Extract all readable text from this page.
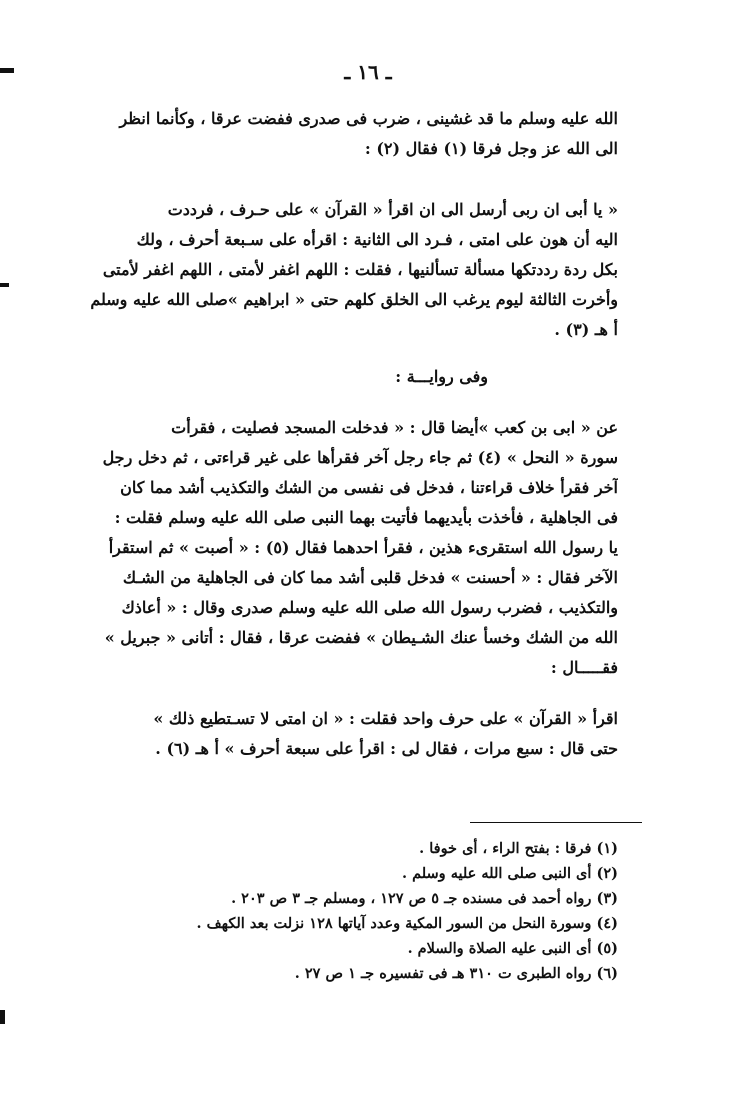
ـ ١٦ ـ
الله عليه وسلم ما قد غشينى ، ضرب فى صدرى ففضت عرقا ، وكأنما انظر
الى الله عز وجل فرقا (١) فقال (٢) :
« يا أبى ان ربى أرسل الى ان اقرأ « القرآن » على حـرف ، فرددت
اليه أن هون على امتى ، فـرد الى الثانية : اقرأه على سـبعة أحرف ، ولك
بكل ردة رددتكها مسألة تسألنيها ، فقلت : اللهم اغفر لأمتى ، اللهم اغفر لأمتى
وأخرت الثالثة ليوم يرغب الى الخلق كلهم حتى « ابراهيم »صلى الله عليه وسلم
أ هـ (٣) .
وفى روايـــة :
عن « ابى بن كعب »أيضا قال : « فدخلت المسجد فصليت ، فقرأت
سورة « النحل » (٤) ثم جاء رجل آخر فقرأها على غير قراءتى ، ثم دخل رجل
آخر فقرأ خلاف قراءتنا ، فدخل فى نفسى من الشك والتكذيب أشد مما كان
فى الجاهلية ، فأخذت بأيديهما فأتيت بهما النبى صلى الله عليه وسلم فقلت :
يا رسول الله استقرىء هذين ، فقرأ احدهما فقال (٥) : « أصبت » ثم استقرأ
الآخر فقال : « أحسنت » فدخل قلبى أشد مما كان فى الجاهلية من الشـك
والتكذيب ، فضرب رسول الله صلى الله عليه وسلم صدرى وقال : « أعاذك
الله من الشك وخسأ عنك الشـيطان » ففضت عرقا ، فقال : أتانى « جبريل »
فقـــــال :
اقرأ « القرآن » على حرف واحد فقلت : « ان امتى لا تسـتطيع ذلك »
حتى قال : سبع مرات ، فقال لى : اقرأ على سبعة أحرف » أ هـ (٦) .
(١) فرقا : بفتح الراء ، أى خوفا .
(٢) أى النبى صلى الله عليه وسلم .
(٣) رواه أحمد فى مسنده جـ ٥ ص ١٢٧ ، ومسلم جـ ٣ ص ٢٠٣ .
(٤) وسورة النحل من السور المكية وعدد آياتها ١٢٨ نزلت بعد الكهف .
(٥) أى النبى عليه الصلاة والسلام .
(٦) رواه الطبرى ت ٣١٠ هـ فى تفسيره جـ ١ ص ٢٧ .
